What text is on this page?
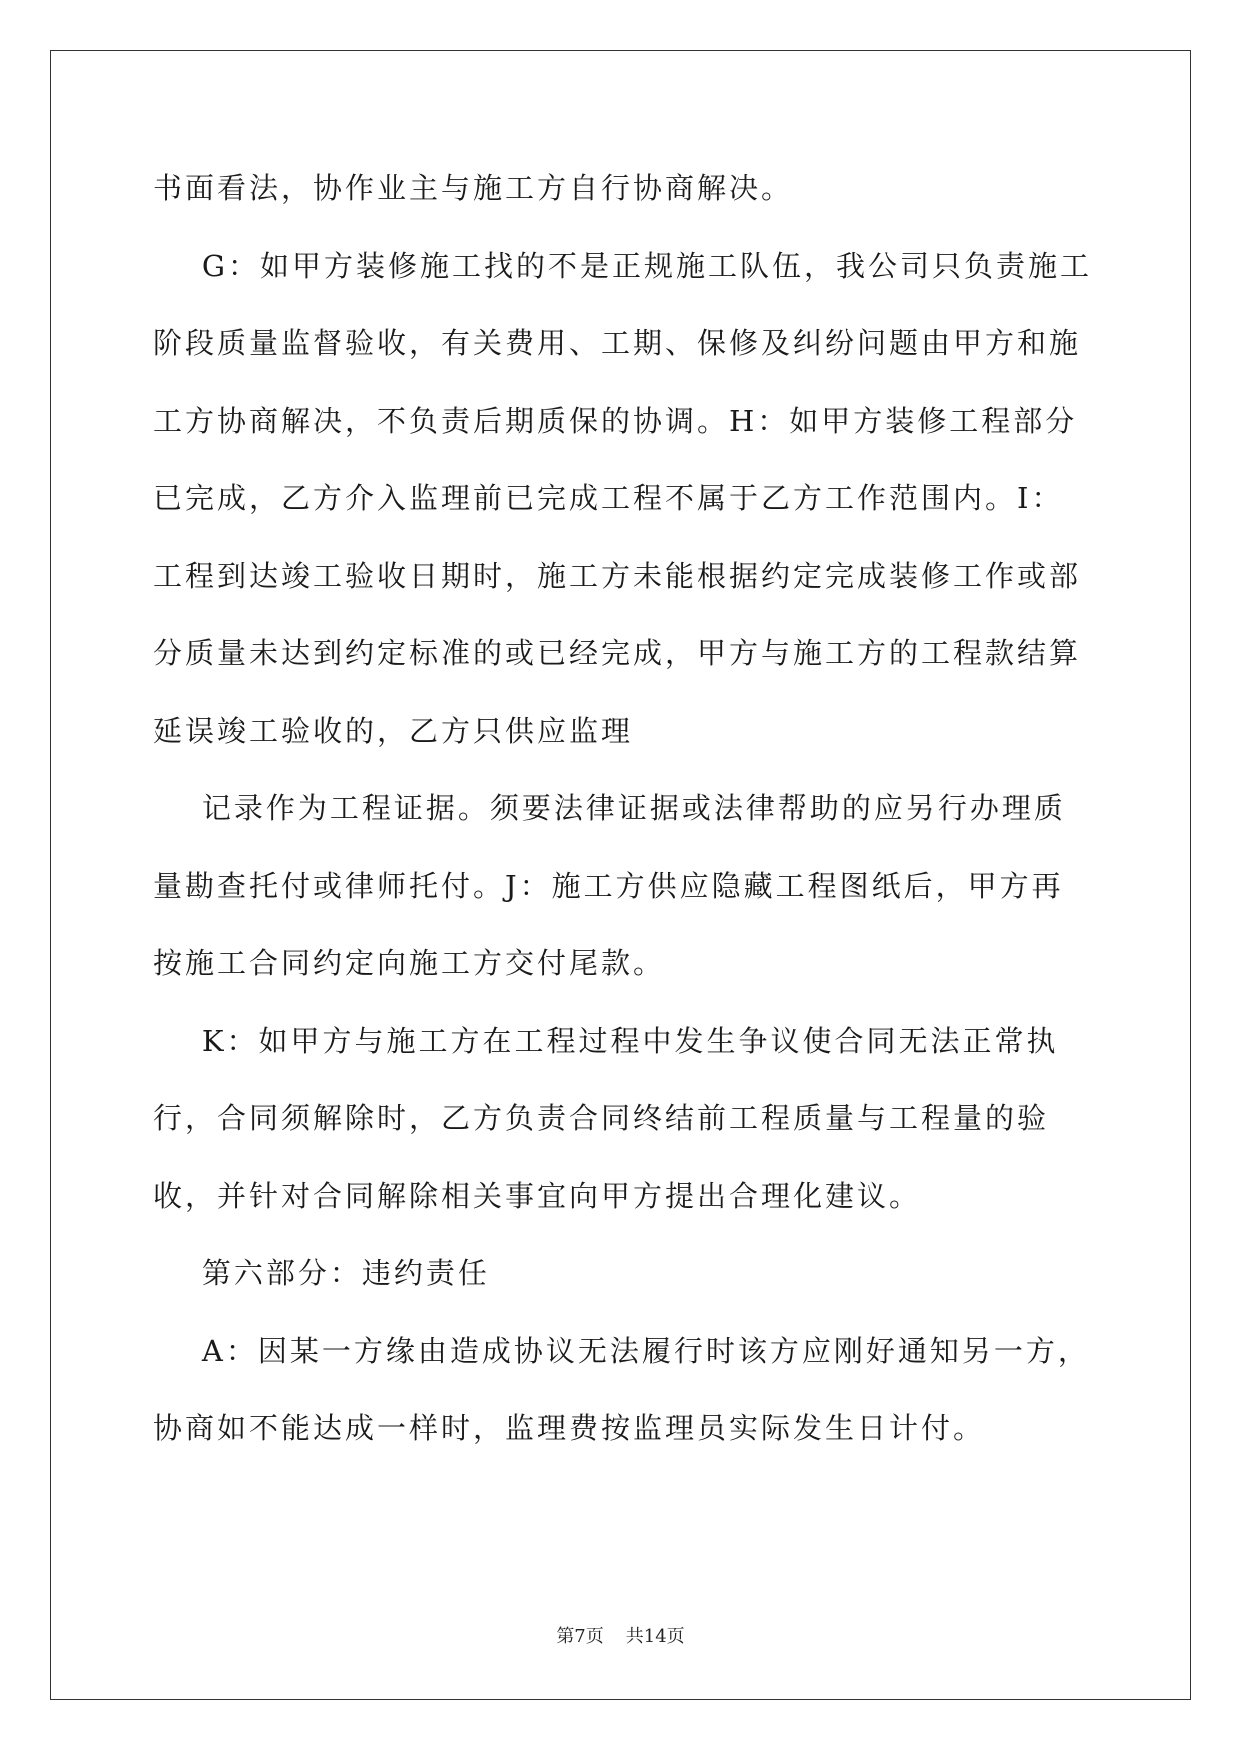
书面看法，协作业主与施工方自行协商解决。

G：如甲方装修施工找的不是正规施工队伍，我公司只负责施工阶段质量监督验收，有关费用、工期、保修及纠纷问题由甲方和施工方协商解决，不负责后期质保的协调。H：如甲方装修工程部分已完成，乙方介入监理前已完成工程不属于乙方工作范围内。I：工程到达竣工验收日期时，施工方未能根据约定完成装修工作或部分质量未达到约定标准的或已经完成，甲方与施工方的工程款结算延误竣工验收的，乙方只供应监理

记录作为工程证据。须要法律证据或法律帮助的应另行办理质量勘查托付或律师托付。J：施工方供应隐藏工程图纸后，甲方再按施工合同约定向施工方交付尾款。

K：如甲方与施工方在工程过程中发生争议使合同无法正常执行，合同须解除时，乙方负责合同终结前工程质量与工程量的验收，并针对合同解除相关事宜向甲方提出合理化建议。

第六部分：违约责任

A：因某一方缘由造成协议无法履行时该方应刚好通知另一方，协商如不能达成一样时，监理费按监理员实际发生日计付。

第7页 共14页
